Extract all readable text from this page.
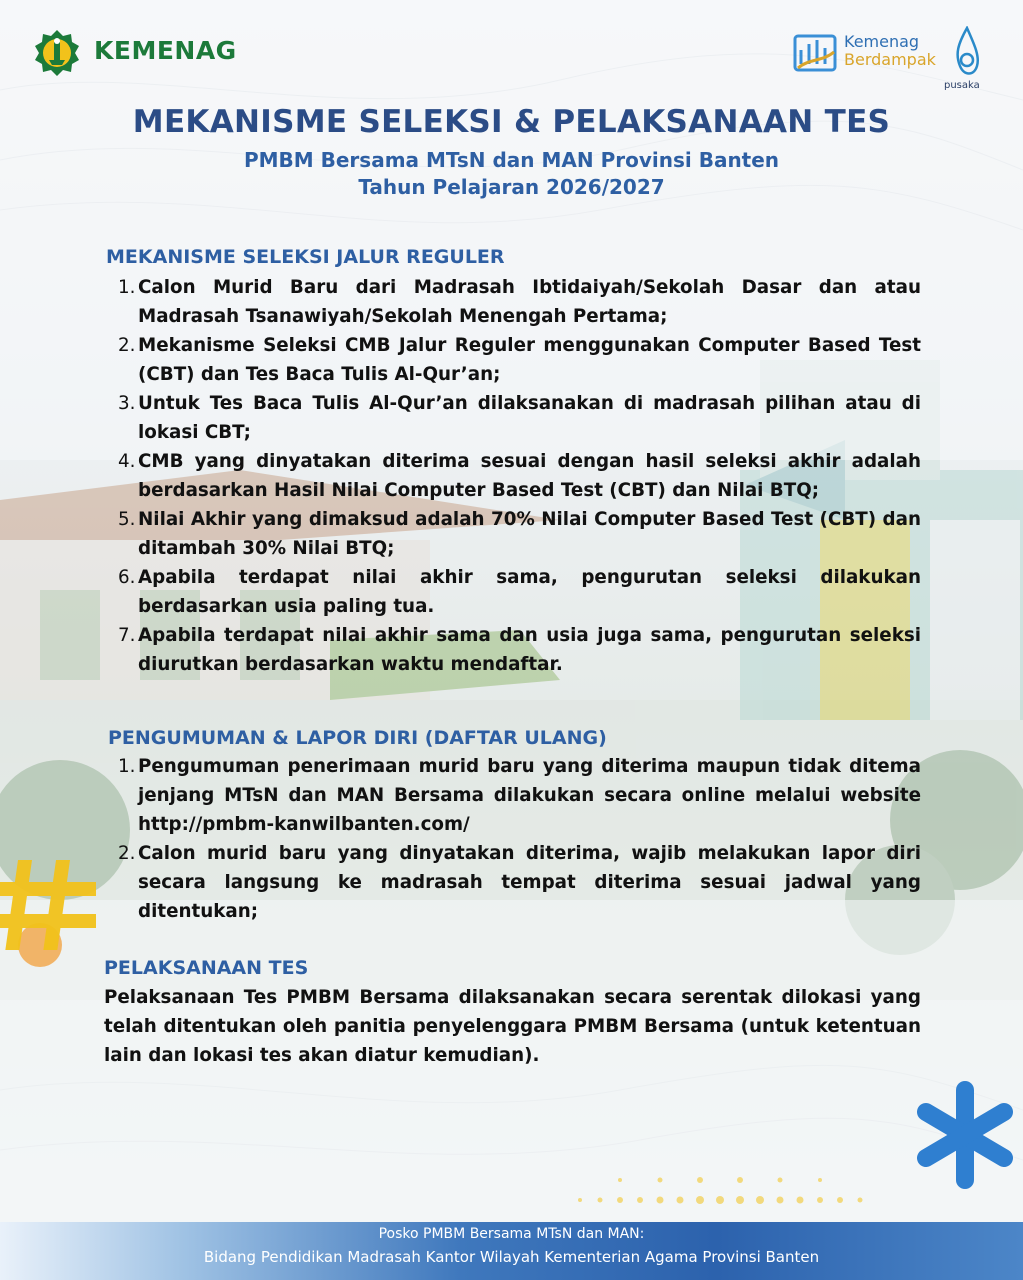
KEMENAG	Kemenag
Berdampak
pusaka
MEKANISME SELEKSI & PELAKSANAAN TES
PMBM Bersama MTsN dan MAN Provinsi Banten
Tahun Pelajaran 2026/2027
MEKANISME SELEKSI JALUR REGULER
1. Calon Murid Baru dari Madrasah Ibtidaiyah/Sekolah Dasar dan atau Madrasah Tsanawiyah/Sekolah Menengah Pertama;
2. Mekanisme Seleksi CMB Jalur Reguler menggunakan Computer Based Test (CBT) dan Tes Baca Tulis Al-Qur’an;
3. Untuk Tes Baca Tulis Al-Qur’an dilaksanakan di madrasah pilihan atau di lokasi CBT;
4. CMB yang dinyatakan diterima sesuai dengan hasil seleksi akhir adalah berdasarkan Hasil Nilai Computer Based Test (CBT) dan Nilai BTQ;
5. Nilai Akhir yang dimaksud adalah 70% Nilai Computer Based Test (CBT) dan ditambah 30% Nilai BTQ;
6. Apabila terdapat nilai akhir sama, pengurutan seleksi dilakukan berdasarkan usia paling tua.
7. Apabila terdapat nilai akhir sama dan usia juga sama, pengurutan seleksi diurutkan berdasarkan waktu mendaftar.
PENGUMUMAN & LAPOR DIRI (DAFTAR ULANG)
1. Pengumuman penerimaan murid baru yang diterima maupun tidak ditema jenjang MTsN dan MAN Bersama dilakukan secara online melalui website http://pmbm-kanwilbanten.com/
2. Calon murid baru yang dinyatakan diterima, wajib melakukan lapor diri secara langsung ke madrasah tempat diterima sesuai jadwal yang ditentukan;
PELAKSANAAN TES
Pelaksanaan Tes PMBM Bersama dilaksanakan secara serentak dilokasi yang telah ditentukan oleh panitia penyelenggara PMBM Bersama (untuk ketentuan lain dan lokasi tes akan diatur kemudian).
Posko PMBM Bersama MTsN dan MAN:
Bidang Pendidikan Madrasah Kantor Wilayah Kementerian Agama Provinsi Banten
